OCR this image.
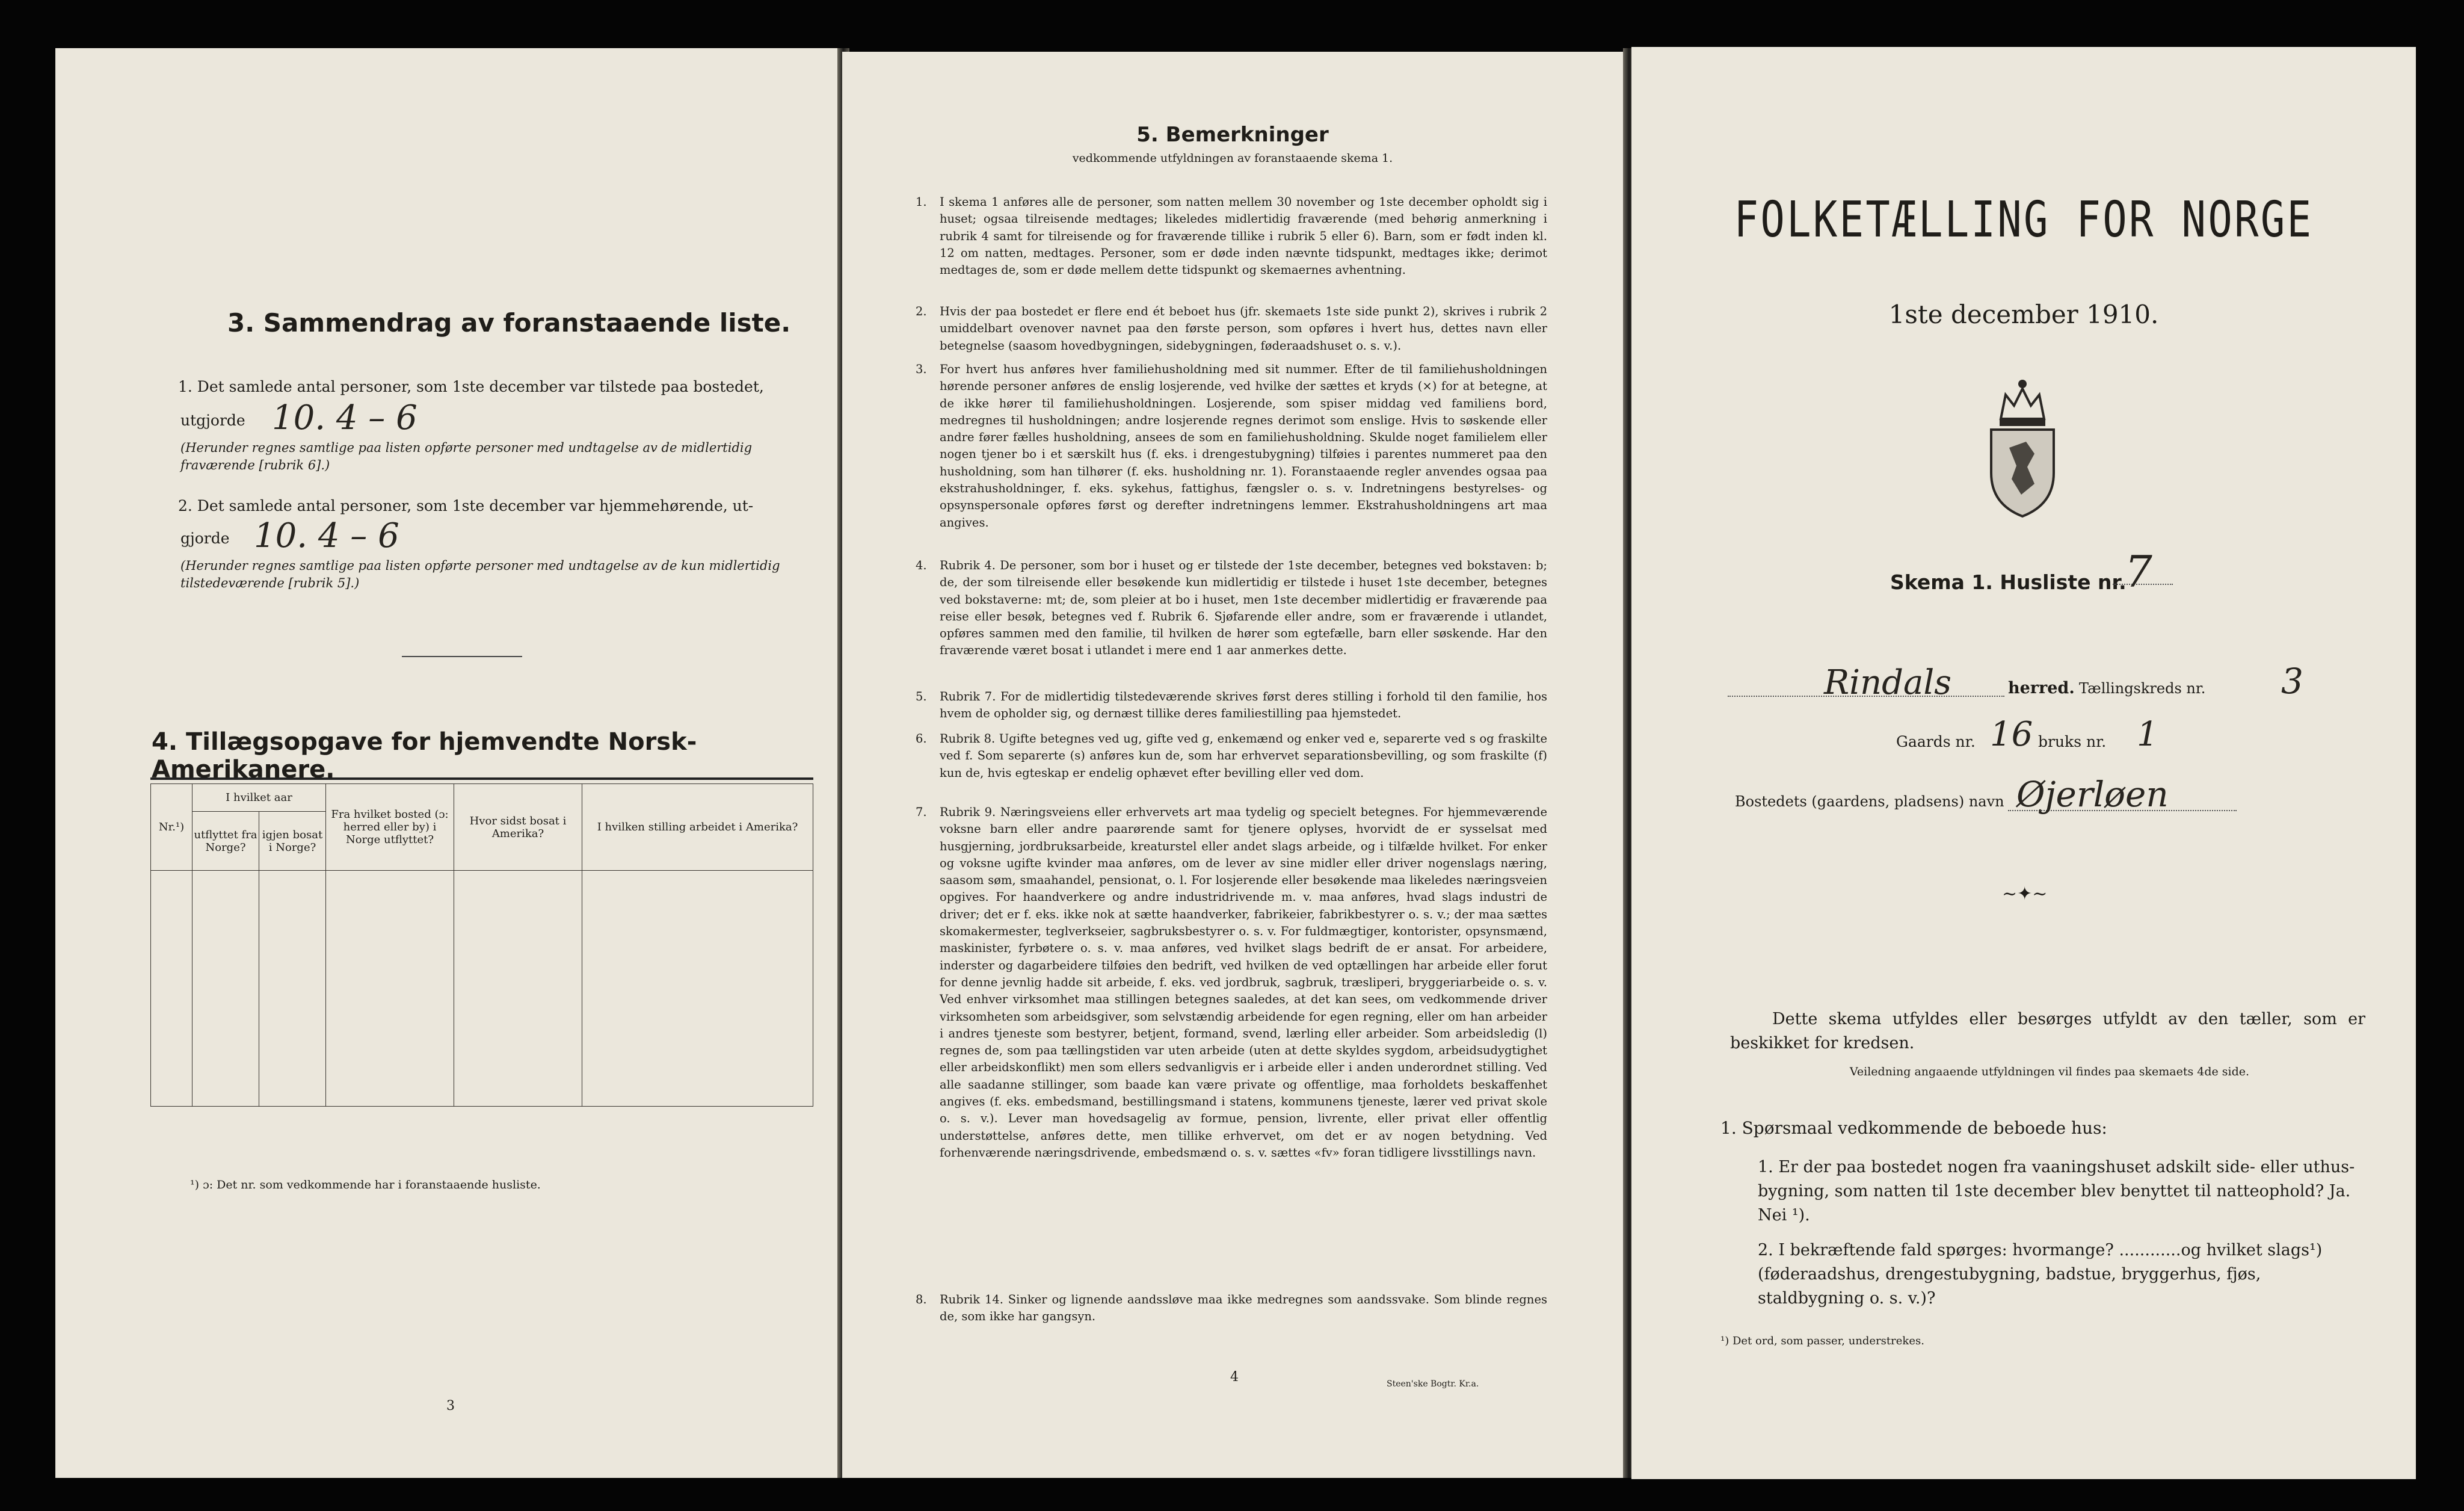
3. Sammendrag av foranstaaende liste.
1. Det samlede antal personer, som 1ste december var tilstede paa bostedet,
utgjorde 10. 4 – 6
(Herunder regnes samtlige paa listen opførte personer med undtagelse av de midlertidig fraværende [rubrik 6].)
2. Det samlede antal personer, som 1ste december var hjemmehørende, ut-
gjorde 10. 4 – 6
(Herunder regnes samtlige paa listen opførte personer med undtagelse av de kun midlertidig tilstedeværende [rubrik 5].)
4. Tillægsopgave for hjemvendte Norsk-Amerikanere.
Nr.¹)	I hvilket aar		Fra hvilket bosted (ɔ: herred eller by) i Norge utflyttet?	Hvor sidst bosat i Amerika?	I hvilken stilling arbeidet i Amerika?
	utflyttet fra Norge?	igjen bosat i Norge?			

¹) ɔ: Det nr. som vedkommende har i foranstaaende husliste.
3
5. Bemerkninger
vedkommende utfyldningen av foranstaaende skema 1.
1. I skema 1 anføres alle de personer, som natten mellem 30 november og 1ste december opholdt sig i huset; ogsaa tilreisende medtages; likeledes midlertidig fraværende (med behørig anmerkning i rubrik 4 samt for tilreisende og for fraværende tillike i rubrik 5 eller 6). Barn, som er født inden kl. 12 om natten, medtages. Personer, som er døde inden nævnte tidspunkt, medtages ikke; derimot medtages de, som er døde mellem dette tidspunkt og skemaernes avhentning.
2. Hvis der paa bostedet er flere end ét beboet hus (jfr. skemaets 1ste side punkt 2), skrives i rubrik 2 umiddelbart ovenover navnet paa den første person, som opføres i hvert hus, dettes navn eller betegnelse (saasom hovedbygningen, sidebygningen, føderaadshuset o. s. v.).
3. For hvert hus anføres hver familiehusholdning med sit nummer. Efter de til familiehusholdningen hørende personer anføres de enslig losjerende, ved hvilke der sættes et kryds (×) for at betegne, at de ikke hører til familiehusholdningen. Losjerende, som spiser middag ved familiens bord, medregnes til husholdningen; andre losjerende regnes derimot som enslige. Hvis to søskende eller andre fører fælles husholdning, ansees de som en familiehusholdning. Skulde noget familielem eller nogen tjener bo i et særskilt hus (f. eks. i drengestubygning) tilføies i parentes nummeret paa den husholdning, som han tilhører (f. eks. husholdning nr. 1). Foranstaaende regler anvendes ogsaa paa ekstrahusholdninger, f. eks. sykehus, fattighus, fængsler o. s. v. Indretningens bestyrelses- og opsynspersonale opføres først og derefter indretningens lemmer. Ekstrahusholdningens art maa angives.
4. Rubrik 4. De personer, som bor i huset og er tilstede der 1ste december, betegnes ved bokstaven: b; de, der som tilreisende eller besøkende kun midlertidig er tilstede i huset 1ste december, betegnes ved bokstaverne: mt; de, som pleier at bo i huset, men 1ste december midlertidig er fraværende paa reise eller besøk, betegnes ved f. Rubrik 6. Sjøfarende eller andre, som er fraværende i utlandet, opføres sammen med den familie, til hvilken de hører som egtefælle, barn eller søskende. Har den fraværende været bosat i utlandet i mere end 1 aar anmerkes dette.
5. Rubrik 7. For de midlertidig tilstedeværende skrives først deres stilling i forhold til den familie, hos hvem de opholder sig, og dernæst tillike deres familiestilling paa hjemstedet.
6. Rubrik 8. Ugifte betegnes ved ug, gifte ved g, enkemænd og enker ved e, separerte ved s og fraskilte ved f. Som separerte (s) anføres kun de, som har erhvervet separationsbevilling, og som fraskilte (f) kun de, hvis egteskap er endelig ophævet efter bevilling eller ved dom.
7. Rubrik 9. Næringsveiens eller erhvervets art maa tydelig og specielt betegnes. For hjemmeværende voksne barn eller andre paarørende samt for tjenere oplyses, hvorvidt de er sysselsat med husgjerning, jordbruksarbeide, kreaturstel eller andet slags arbeide, og i tilfælde hvilket. For enker og voksne ugifte kvinder maa anføres, om de lever av sine midler eller driver nogenslags næring, saasom søm, smaahandel, pensionat, o. l. For losjerende eller besøkende maa likeledes næringsveien opgives. For haandverkere og andre industridrivende m. v. maa anføres, hvad slags industri de driver; det er f. eks. ikke nok at sætte haandverker, fabrikeier, fabrikbestyrer o. s. v.; der maa sættes skomakermester, teglverkseier, sagbruksbestyrer o. s. v. For fuldmægtiger, kontorister, opsynsmænd, maskinister, fyrbøtere o. s. v. maa anføres, ved hvilket slags bedrift de er ansat. For arbeidere, inderster og dagarbeidere tilføies den bedrift, ved hvilken de ved optællingen har arbeide eller forut for denne jevnlig hadde sit arbeide, f. eks. ved jordbruk, sagbruk, træsliperi, bryggeriarbeide o. s. v. Ved enhver virksomhet maa stillingen betegnes saaledes, at det kan sees, om vedkommende driver virksomheten som arbeidsgiver, som selvstændig arbeidende for egen regning, eller om han arbeider i andres tjeneste som bestyrer, betjent, formand, svend, lærling eller arbeider. Som arbeidsledig (l) regnes de, som paa tællingstiden var uten arbeide (uten at dette skyldes sygdom, arbeidsudygtighet eller arbeidskonflikt) men som ellers sedvanligvis er i arbeide eller i anden underordnet stilling. Ved alle saadanne stillinger, som baade kan være private og offentlige, maa forholdets beskaffenhet angives (f. eks. embedsmand, bestillingsmand i statens, kommunens tjeneste, lærer ved privat skole o. s. v.). Lever man hovedsagelig av formue, pension, livrente, eller privat eller offentlig understøttelse, anføres dette, men tillike erhvervet, om det er av nogen betydning. Ved forhenværende næringsdrivende, embedsmænd o. s. v. sættes «fv» foran tidligere livsstillings navn.
8. Rubrik 14. Sinker og lignende aandssløve maa ikke medregnes som aandssvake. Som blinde regnes de, som ikke har gangsyn.
4	Steen'ske Bogtr. Kr.a.
FOLKETÆLLING FOR NORGE
1ste december 1910.
Skema 1. Husliste nr.
7
Rindals	herred. Tællingskreds nr. 3
Gaards nr. 16 bruks nr. 1
Bostedets (gaardens, pladsens) navn Øjerløen
~✦~
Dette skema utfyldes eller besørges utfyldt av den tæller, som er beskikket for kredsen.
Veiledning angaaende utfyldningen vil findes paa skemaets 4de side.
1. Spørsmaal vedkommende de beboede hus:
1. Er der paa bostedet nogen fra vaaningshuset adskilt side- eller uthus-bygning, som natten til 1ste december blev benyttet til natteophold? Ja. Nei ¹).
2. I bekræftende fald spørges: hvormange? ............og hvilket slags¹) (føderaadshus, drengestubygning, badstue, bryggerhus, fjøs, staldbygning o. s. v.)?
¹) Det ord, som passer, understrekes.
